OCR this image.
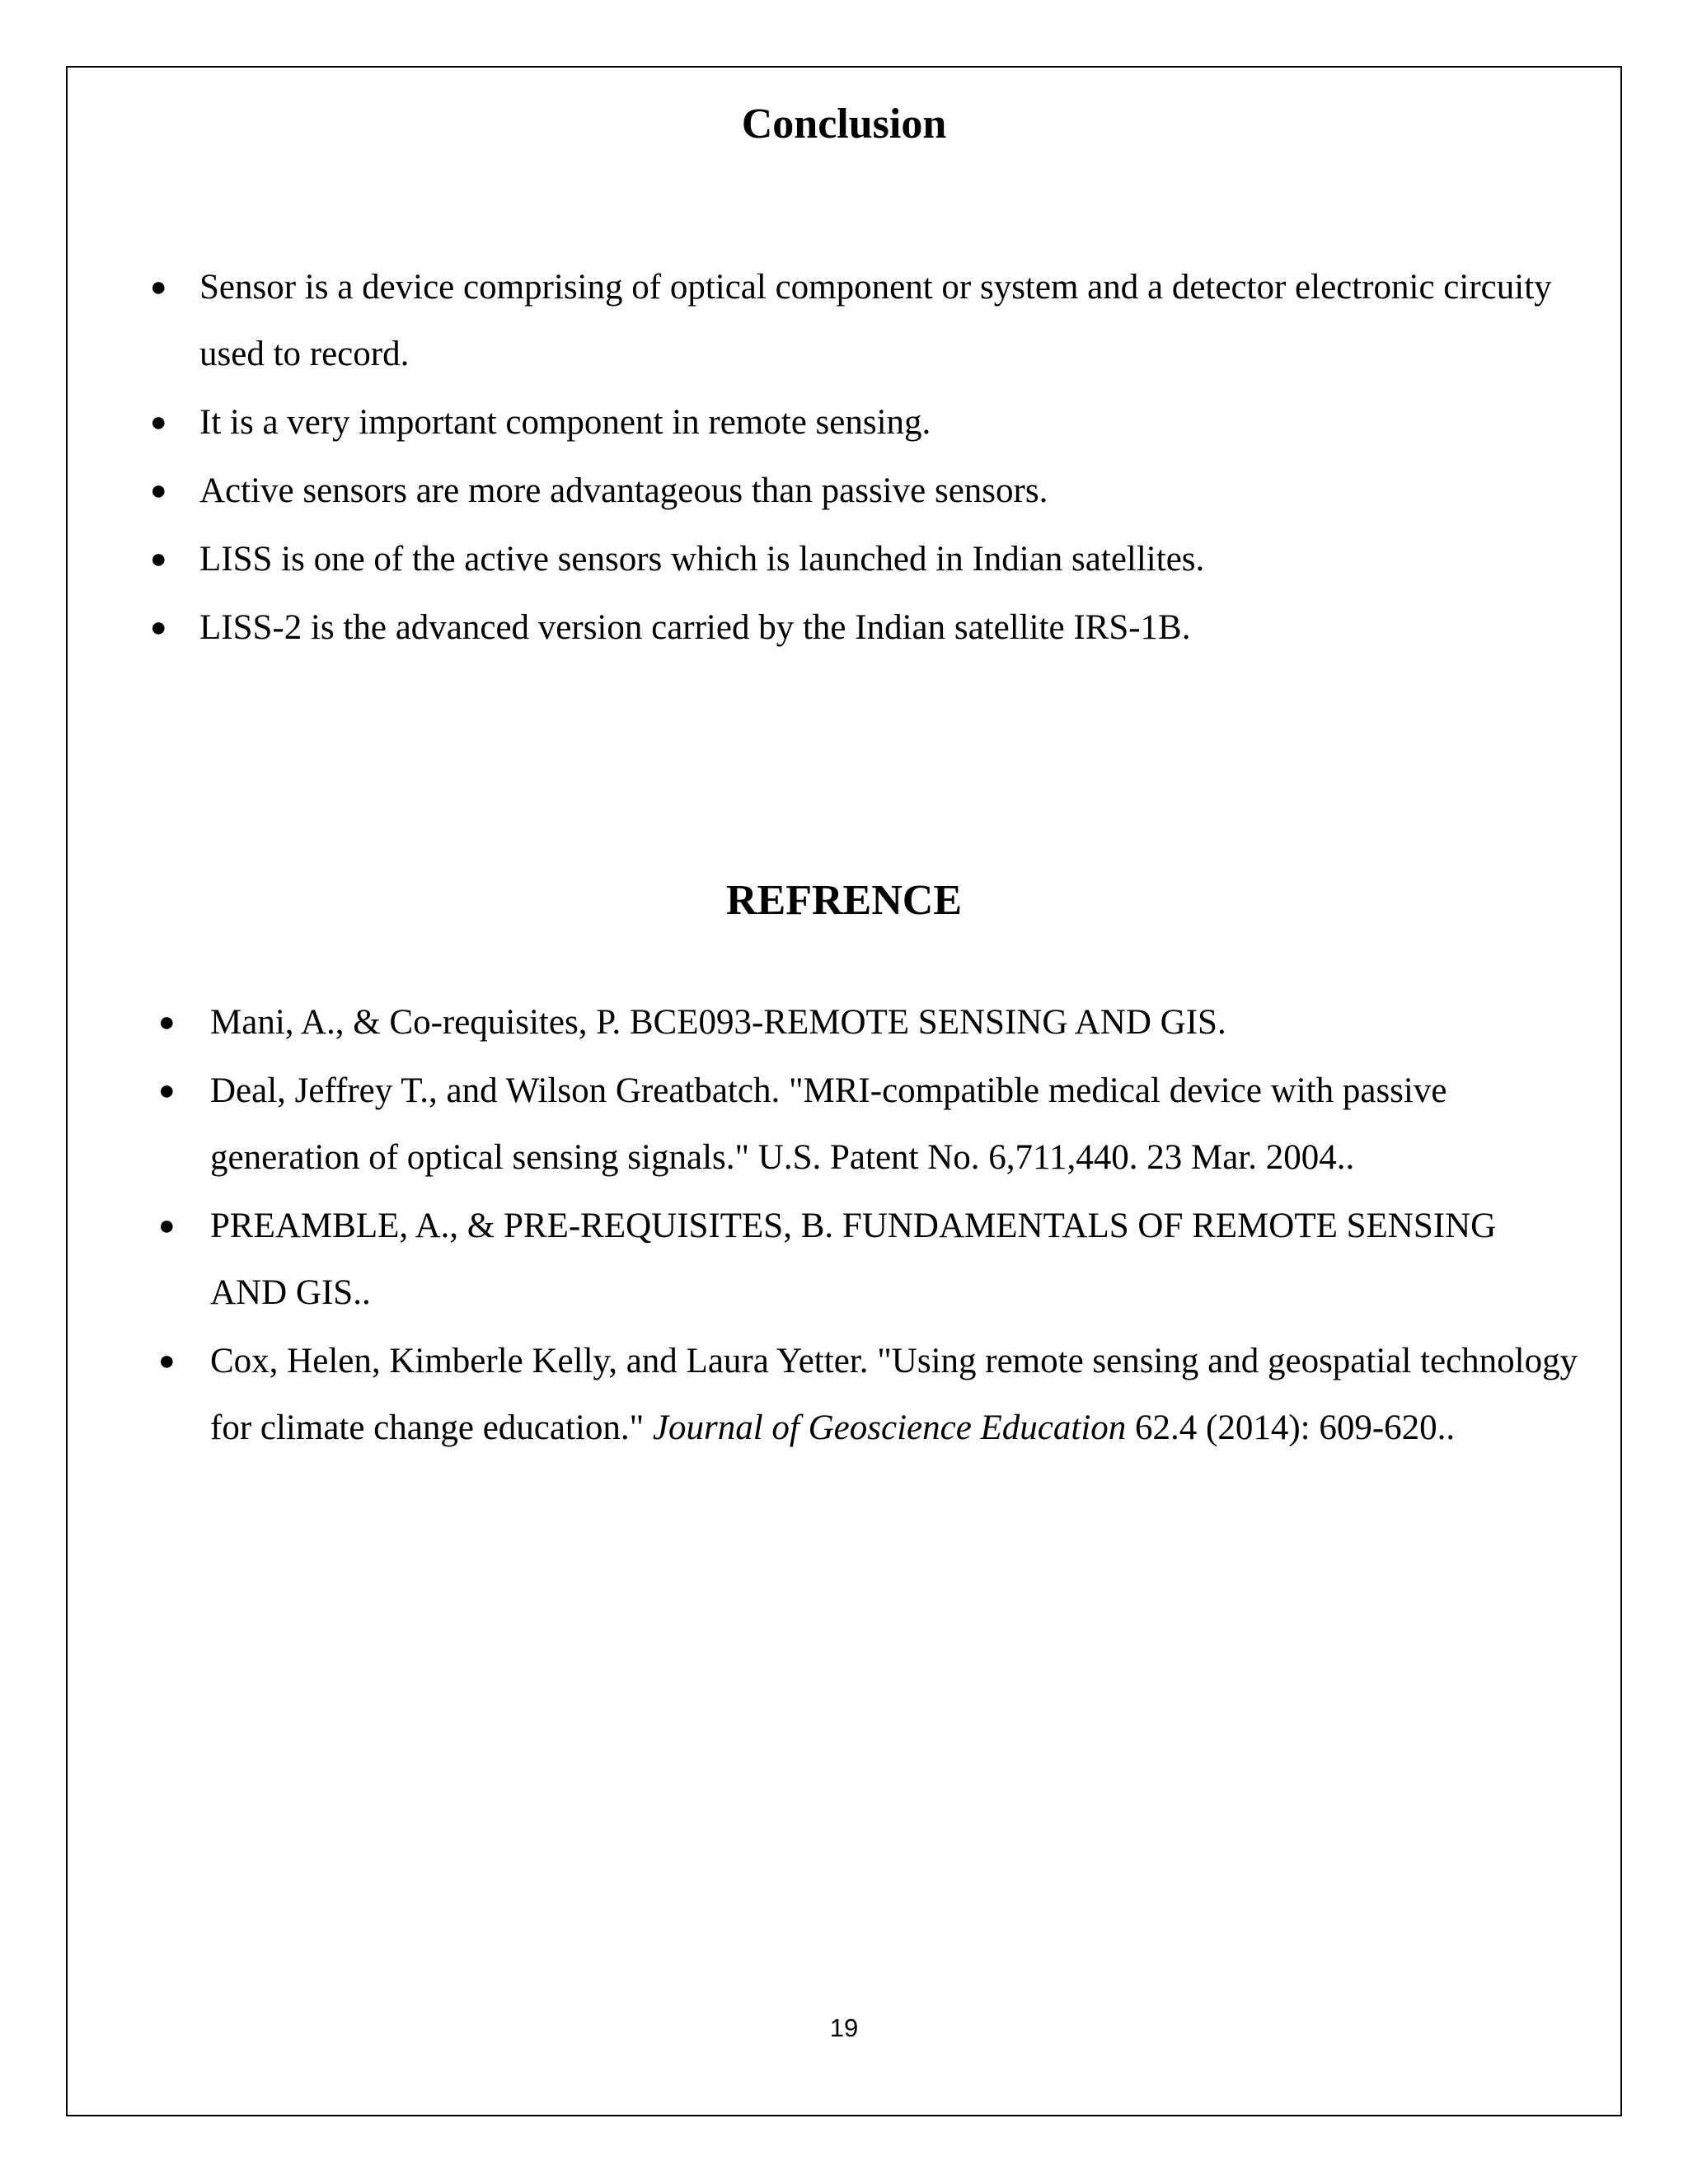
Conclusion
● Sensor is a device comprising of optical component or system and a detector electronic circuity used to record.
● It is a very important component in remote sensing.
● Active sensors are more advantageous than passive sensors.
● LISS is one of the active sensors which is launched in Indian satellites.
● LISS-2 is the advanced version carried by the Indian satellite IRS-1B.
REFRENCE
● Mani, A., & Co-requisites, P. BCE093-REMOTE SENSING AND GIS.
● Deal, Jeffrey T., and Wilson Greatbatch. "MRI-compatible medical device with passive generation of optical sensing signals." U.S. Patent No. 6,711,440. 23 Mar. 2004..
● PREAMBLE, A., & PRE-REQUISITES, B. FUNDAMENTALS OF REMOTE SENSING AND GIS..
● Cox, Helen, Kimberle Kelly, and Laura Yetter. "Using remote sensing and geospatial technology for climate change education." Journal of Geoscience Education 62.4 (2014): 609-620..
19
